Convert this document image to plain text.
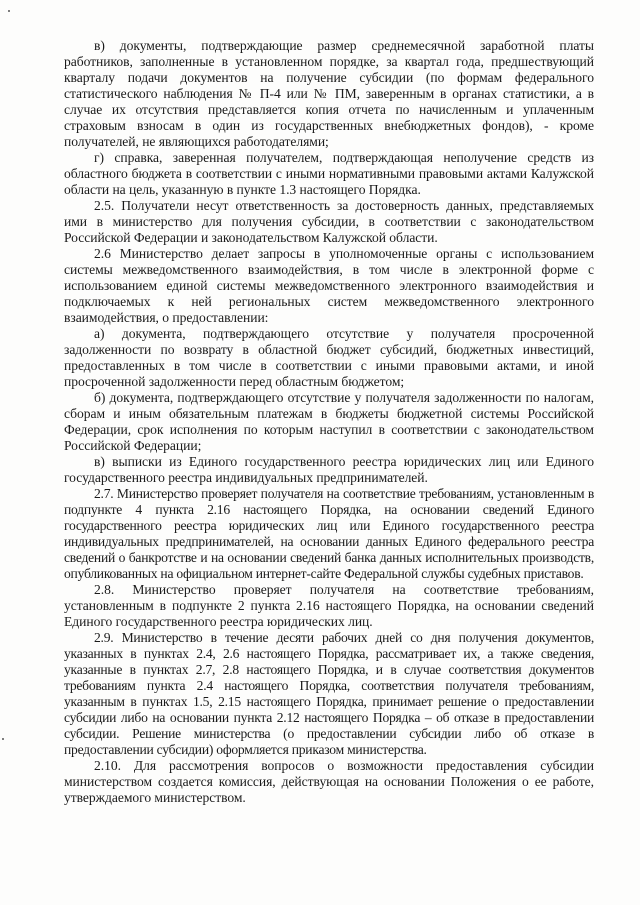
в) документы, подтверждающие размер среднемесячной заработной платы работников, заполненные в установленном порядке, за квартал года, предшествующий кварталу подачи документов на получение субсидии (по формам федерального статистического наблюдения № П-4 или № ПМ, заверенным в органах статистики, а в случае их отсутствия представляется копия отчета по начисленным и уплаченным страховым взносам в один из государственных внебюджетных фондов), - кроме получателей, не являющихся работодателями;

г) справка, заверенная получателем, подтверждающая неполучение средств из областного бюджета в соответствии с иными нормативными правовыми актами Калужской области на цель, указанную в пункте 1.3 настоящего Порядка.

2.5. Получатели несут ответственность за достоверность данных, представляемых ими в министерство для получения субсидии, в соответствии с законодательством Российской Федерации и законодательством Калужской области.

2.6 Министерство делает запросы в уполномоченные органы с использованием системы межведомственного взаимодействия, в том числе в электронной форме с использованием единой системы межведомственного электронного взаимодействия и подключаемых к ней региональных систем межведомственного электронного взаимодействия, о предоставлении:

а) документа, подтверждающего отсутствие у получателя просроченной задолженности по возврату в областной бюджет субсидий, бюджетных инвестиций, предоставленных в том числе в соответствии с иными правовыми актами, и иной просроченной задолженности перед областным бюджетом;

б) документа, подтверждающего отсутствие у получателя задолженности по налогам, сборам и иным обязательным платежам в бюджеты бюджетной системы Российской Федерации, срок исполнения по которым наступил в соответствии с законодательством Российской Федерации;

в) выписки из Единого государственного реестра юридических лиц или Единого государственного реестра индивидуальных предпринимателей.

2.7. Министерство проверяет получателя на соответствие требованиям, установленным в подпункте 4 пункта 2.16 настоящего Порядка, на основании сведений Единого государственного реестра юридических лиц или Единого государственного реестра индивидуальных предпринимателей, на основании данных Единого федерального реестра сведений о банкротстве и на основании сведений банка данных исполнительных производств, опубликованных на официальном интернет-сайте Федеральной службы судебных приставов.

2.8. Министерство проверяет получателя на соответствие требованиям, установленным в подпункте 2 пункта 2.16 настоящего Порядка, на основании сведений Единого государственного реестра юридических лиц.

2.9. Министерство в течение десяти рабочих дней со дня получения документов, указанных в пунктах 2.4, 2.6 настоящего Порядка, рассматривает их, а также сведения, указанные в пунктах 2.7, 2.8 настоящего Порядка, и в случае соответствия документов требованиям пункта 2.4 настоящего Порядка, соответствия получателя требованиям, указанным в пунктах 1.5, 2.15 настоящего Порядка, принимает решение о предоставлении субсидии либо на основании пункта 2.12 настоящего Порядка – об отказе в предоставлении субсидии. Решение министерства (о предоставлении субсидии либо об отказе в предоставлении субсидии) оформляется приказом министерства.

2.10. Для рассмотрения вопросов о возможности предоставления субсидии министерством создается комиссия, действующая на основании Положения о ее работе, утверждаемого министерством.
